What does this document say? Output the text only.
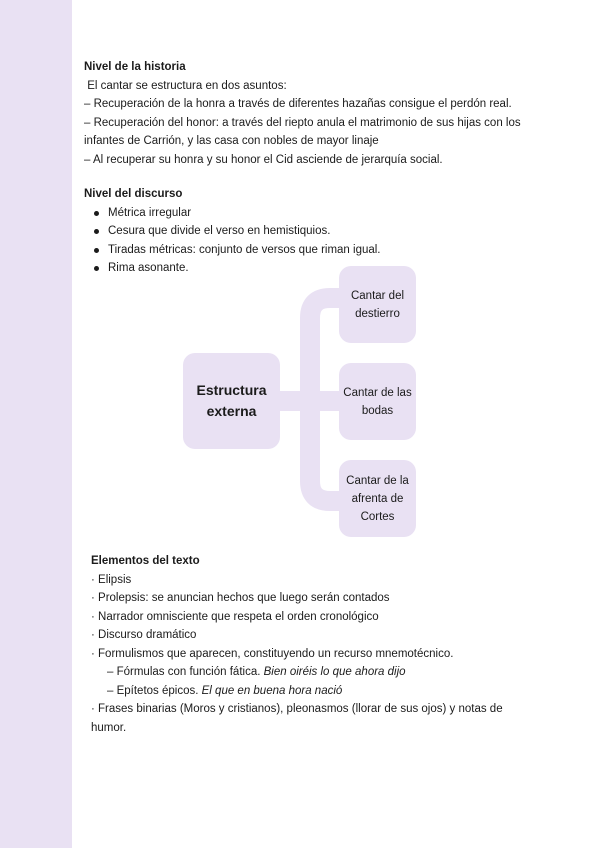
Nivel de la historia

El cantar se estructura en dos asuntos:

– Recuperación de la honra a través de diferentes hazañas consigue el perdón real.

– Recuperación del honor: a través del riepto anula el matrimonio de sus hijas con los

infantes de Carrión, y las casa con nobles de mayor linaje

– Al recuperar su honra y su honor el Cid asciende de jerarquía social.

Nivel del discurso

Métrica irregular
Cesura que divide el verso en hemistiquios.
Tiradas métricas: conjunto de versos que riman igual.
Rima asonante.
Estructura externa
Cantar del destierro
Cantar de las bodas
Cantar de la afrenta de Cortes

Elementos del texto

· Elipsis

· Prolepsis: se anuncian hechos que luego serán contados

· Narrador omnisciente que respeta el orden cronológico

· Discurso dramático

· Formulismos que aparecen, constituyendo un recurso mnemotécnico.

– Fórmulas con función fática. Bien oiréis lo que ahora dijo

– Epítetos épicos. El que en buena hora nació

· Frases binarias (Moros y cristianos), pleonasmos (llorar de sus ojos) y notas de

humor.
